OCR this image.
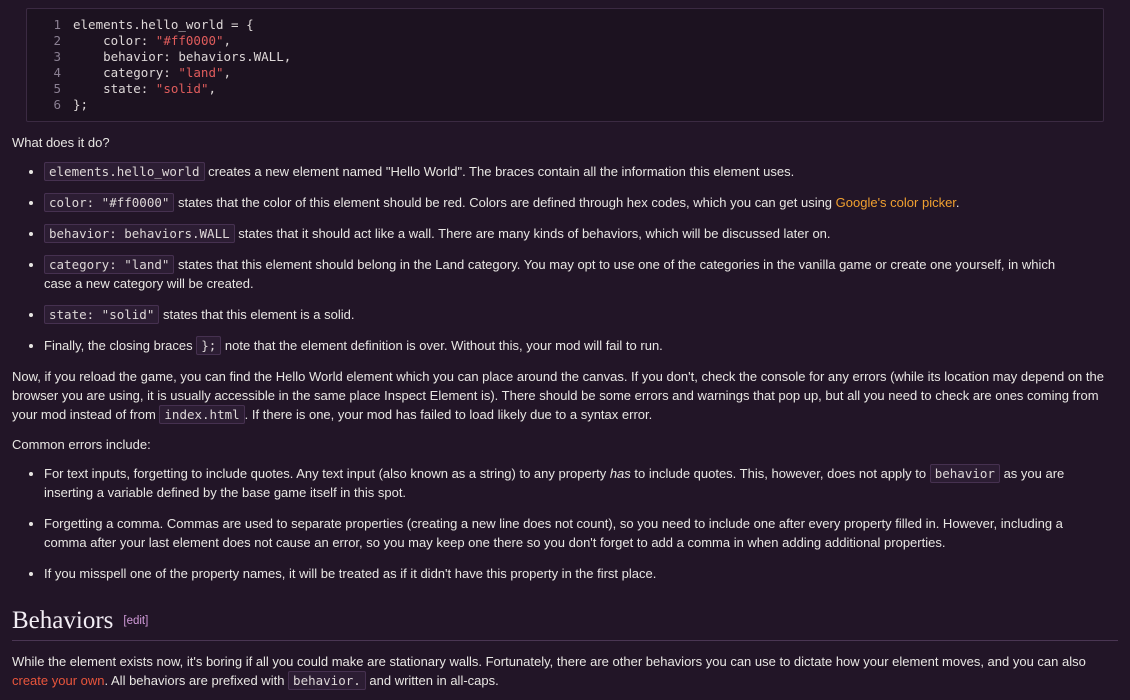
1 elements.hello_world = {
2 color: "#ff0000",
3 behavior: behaviors.WALL,
4 category: "land",
5 state: "solid",
6 };

What does it do?

• elements.hello_world creates a new element named "Hello World". The braces contain all the information this element uses.
• color: "#ff0000" states that the color of this element should be red. Colors are defined through hex codes, which you can get using Google's color picker.
• behavior: behaviors.WALL states that it should act like a wall. There are many kinds of behaviors, which will be discussed later on.
• category: "land" states that this element should belong in the Land category. You may opt to use one of the categories in the vanilla game or create one yourself, in which case a new category will be created.
• state: "solid" states that this element is a solid.
• Finally, the closing braces }; note that the element definition is over. Without this, your mod will fail to run.

Now, if you reload the game, you can find the Hello World element which you can place around the canvas. If you don't, check the console for any errors (while its location may depend on the browser you are using, it is usually accessible in the same place Inspect Element is). There should be some errors and warnings that pop up, but all you need to check are ones coming from your mod instead of from index.html . If there is one, your mod has failed to load likely due to a syntax error.

Common errors include:

• For text inputs, forgetting to include quotes. Any text input (also known as a string) to any property has to include quotes. This, however, does not apply to behavior as you are inserting a variable defined by the base game itself in this spot.
• Forgetting a comma. Commas are used to separate properties (creating a new line does not count), so you need to include one after every property filled in. However, including a comma after your last element does not cause an error, so you may keep one there so you don't forget to add a comma in when adding additional properties.
• If you misspell one of the property names, it will be treated as if it didn't have this property in the first place.
Behaviors [edit]

While the element exists now, it's boring if all you could make are stationary walls. Fortunately, there are other behaviors you can use to dictate how your element moves, and you can also create your own. All behaviors are prefixed with behavior. and written in all-caps.
